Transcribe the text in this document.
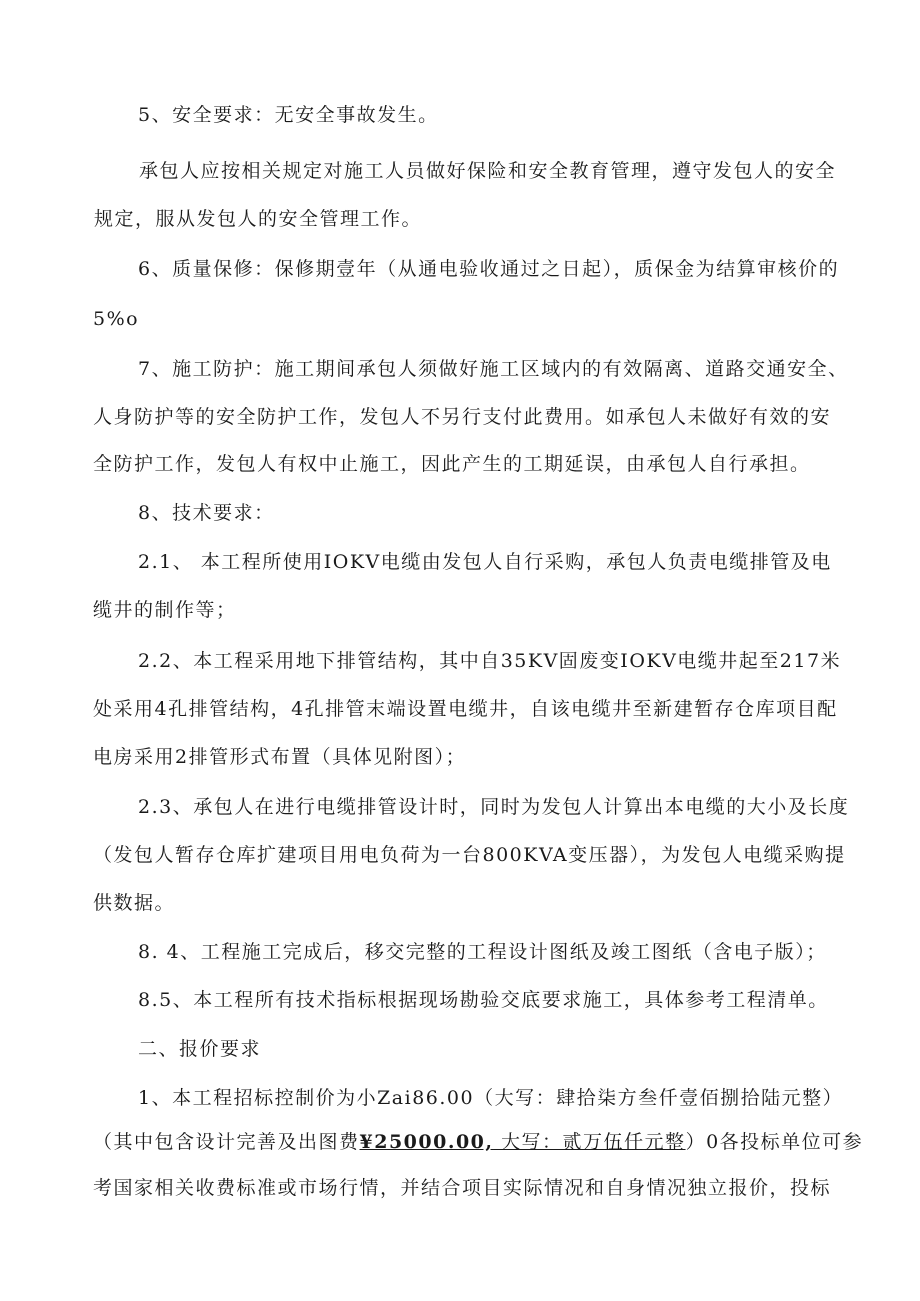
5、安全要求：无安全事故发生。
承包人应按相关规定对施工人员做好保险和安全教育管理，遵守发包人的安全
规定，服从发包人的安全管理工作。
6、质量保修：保修期壹年（从通电验收通过之日起），质保金为结算审核价的
5%o
7、施工防护：施工期间承包人须做好施工区域内的有效隔离、道路交通安全、
人身防护等的安全防护工作，发包人不另行支付此费用。如承包人未做好有效的安
全防护工作，发包人有权中止施工，因此产生的工期延误，由承包人自行承担。
8、技术要求：
2.1、 本工程所使用IOKV电缆由发包人自行采购，承包人负责电缆排管及电
缆井的制作等；
2.2、本工程采用地下排管结构，其中自35KV固废变IOKV电缆井起至217米
处采用4孔排管结构，4孔排管末端设置电缆井，自该电缆井至新建暂存仓库项目配
电房采用2排管形式布置（具体见附图）；
2.3、承包人在进行电缆排管设计时，同时为发包人计算出本电缆的大小及长度
（发包人暂存仓库扩建项目用电负荷为一台800KVA变压器），为发包人电缆采购提
供数据。
8. 4、工程施工完成后，移交完整的工程设计图纸及竣工图纸（含电子版）；
8.5、本工程所有技术指标根据现场勘验交底要求施工，具体参考工程清单。
二、报价要求
1、本工程招标控制价为小Zai86.00（大写：肆拾柒方叁仟壹佰捌拾陆元整）
（其中包含设计完善及出图费¥25000.00, 大写：贰万伍仟元整）0各投标单位可参
考国家相关收费标准或市场行情，并结合项目实际情况和自身情况独立报价，投标
